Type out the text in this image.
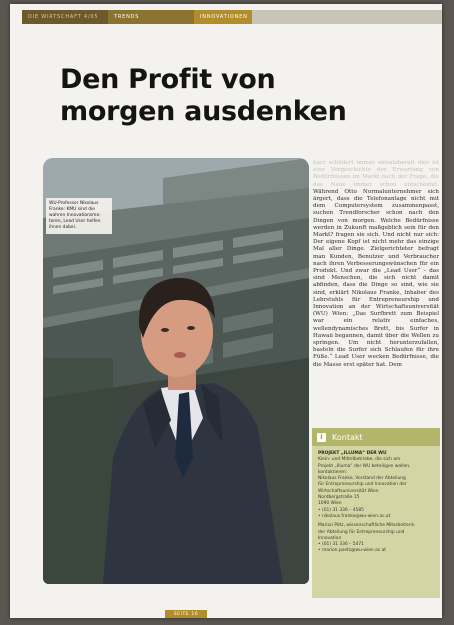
DIE WIRTSCHAFT 4/05	TRENDS	INNOVATIONEN
Den Profit von
morgen ausdenken
WU-Professor Nikolaus Franke: KMU sind die wahren Innovationsmo-toren, Lead User helfen ihnen dabei.

kurz schildert immer einsatzbereit dies ist eine Vorgeschichte der Erwartung von Bedürfnissen im Markt nach der Frage, die das Neue immer schon entscheidet. Während Otto Normalunternehmer sich ärgert, dass die Telefonanlage nicht mit dem Computersystem zusammenpasst, suchen Trendforscher schon nach den Dingen von morgen. Welche Bedürfnisse werden in Zukunft maßgeblich sein für den Markt? fragen sie sich. Und nicht nur sich: Der eigene Kopf ist nicht mehr das einzige Mal aller Dinge. Zielgerichteter befragt man Kunden, Benutzer und Verbraucher nach ihren Verbesserungswünschen für ein Produkt. Und zwar die „Lead User“ – das sind Menschen, die sich nicht damit abfinden, dass die Dinge so sind, wie sie sind, erklärt Nikolaus Franke, Inhaber des Lehrstuhls für Entrepreneurship und Innovation an der Wirtschaftsuniversität (WU) Wien: „Das Surfbrett zum Beispiel war ein relativ einfaches, wellendynamisches Brett, bis Surfer in Hawaii begannen, damit über die Wellen zu springen. Um nicht herunterzufallen, basteln die Surfer sich Schlaufen für ihre Füße.“ Lead User wecken Bedürfnisse, die die Masse erst später hat. Dem

i	Kontakt
PROJEKT „ILLUMA“ DER WU

Klein- und Mittelbetriebe, die sich am
Projekt „Illuma“ der WU beteiligen wollen,
kontaktieren:
Nikolaus Franke, Vorstand der Abteilung
für Entrepreneurship und Innovation der
Wirtschaftsuniversität Wien
Nordbergstraße 15
1090 Wien
• (01) 31 336 – 4585
• nikolaus.franke@wu-wien.ac.at

Marion Pötz, wissenschaftliche Mitarbeiterin
der Abteilung für Entrepreneurship und
Innovation
• (01) 31 336 – 5471
• marion.poetz@wu-wien.ac.at

SEITE 16
